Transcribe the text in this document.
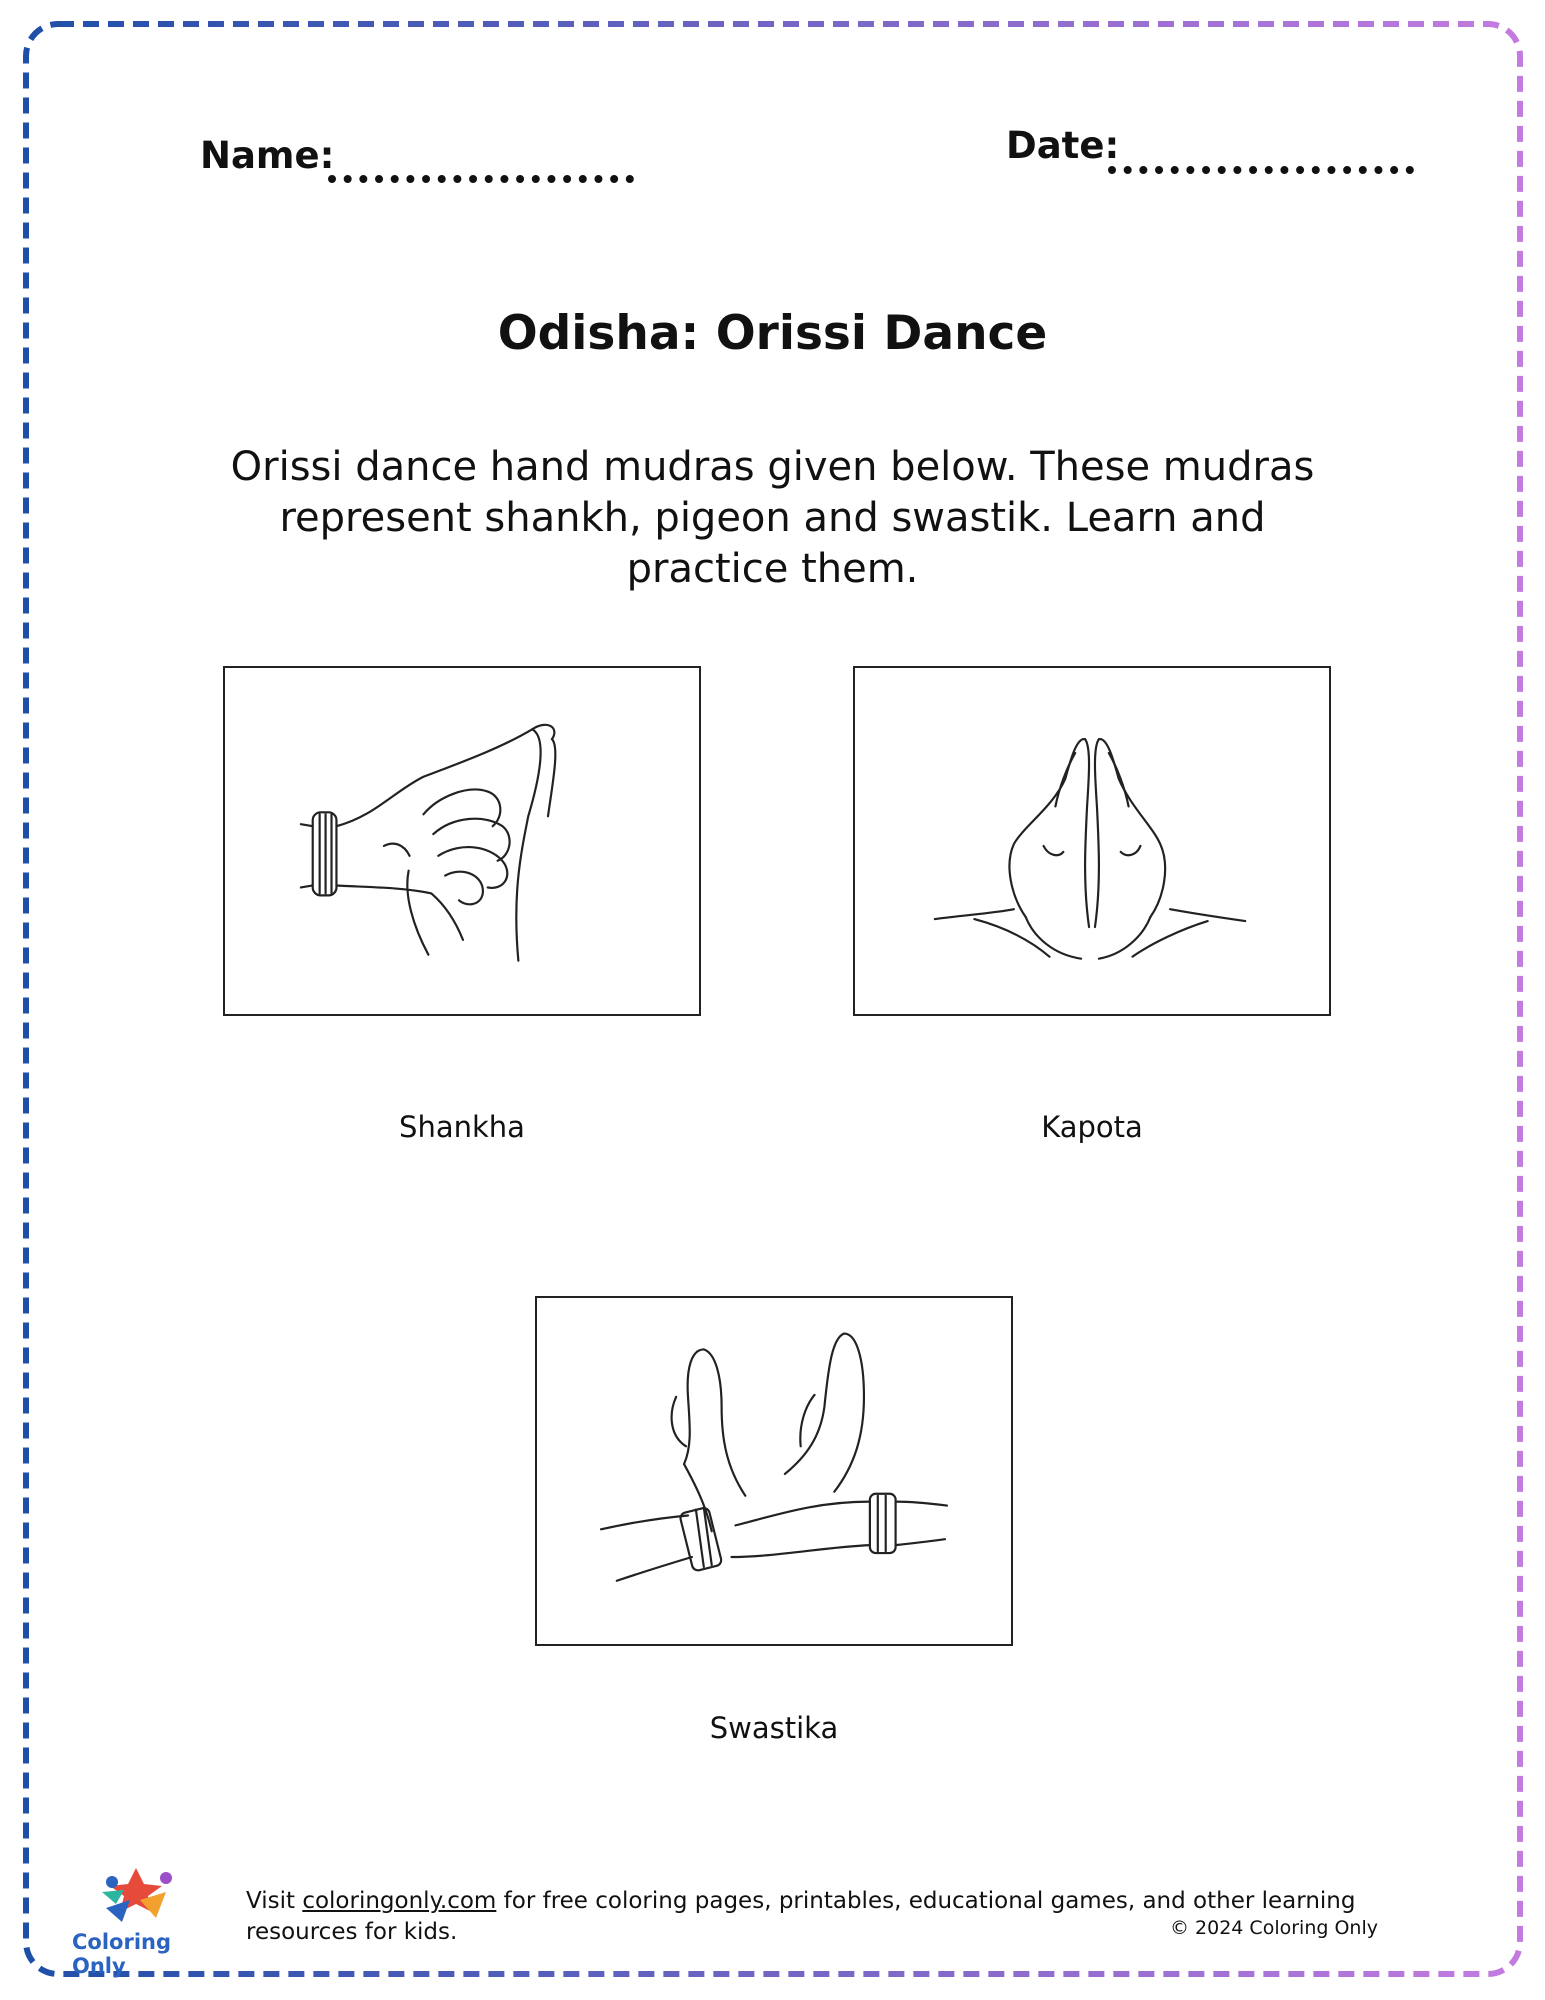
Name:	Date:
Odisha: Orissi Dance
Orissi dance hand mudras given below. These mudras represent shankh, pigeon and swastik. Learn and practice them.
Shankha	Kapota
Swastika
Coloring Only
Visit coloringonly.com for free coloring pages, printables, educational games, and other learning resources for kids.	© 2024 Coloring Only
